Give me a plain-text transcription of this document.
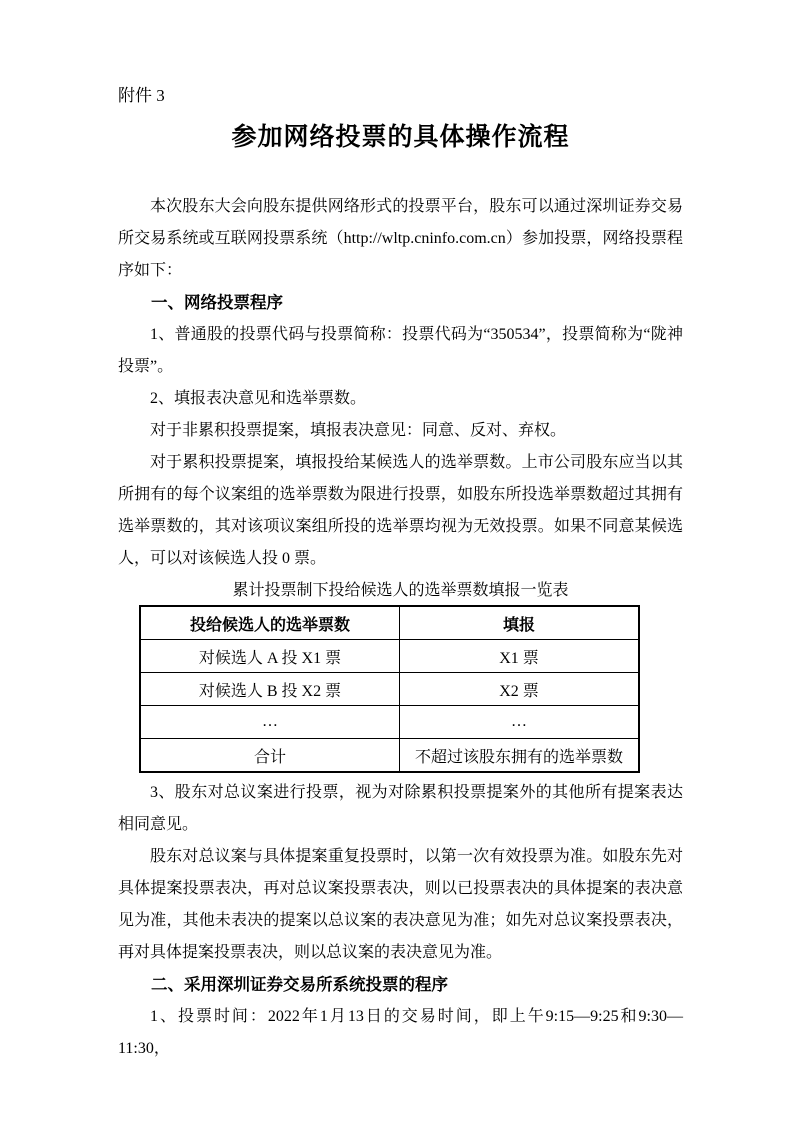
附件 3
参加网络投票的具体操作流程

本次股东大会向股东提供网络形式的投票平台，股东可以通过深圳证券交易所交易系统或互联网投票系统（http://wltp.cninfo.com.cn）参加投票，网络投票程序如下：

一、网络投票程序

1、普通股的投票代码与投票简称：投票代码为“350534”，投票简称为“陇神投票”。

2、填报表决意见和选举票数。

对于非累积投票提案，填报表决意见：同意、反对、弃权。

对于累积投票提案，填报投给某候选人的选举票数。上市公司股东应当以其所拥有的每个议案组的选举票数为限进行投票，如股东所投选举票数超过其拥有选举票数的，其对该项议案组所投的选举票均视为无效投票。如果不同意某候选人，可以对该候选人投 0 票。

累计投票制下投给候选人的选举票数填报一览表
投给候选人的选举票数	填报
对候选人 A 投 X1 票	X1 票
对候选人 B 投 X2 票	X2 票
…	…
合计	不超过该股东拥有的选举票数

3、股东对总议案进行投票，视为对除累积投票提案外的其他所有提案表达相同意见。

股东对总议案与具体提案重复投票时，以第一次有效投票为准。如股东先对具体提案投票表决，再对总议案投票表决，则以已投票表决的具体提案的表决意见为准，其他未表决的提案以总议案的表决意见为准；如先对总议案投票表决，再对具体提案投票表决，则以总议案的表决意见为准。

二、采用深圳证券交易所系统投票的程序

1、投票时间：2022年1月13日的交易时间，即上午9:15—9:25和9:30—11:30，
